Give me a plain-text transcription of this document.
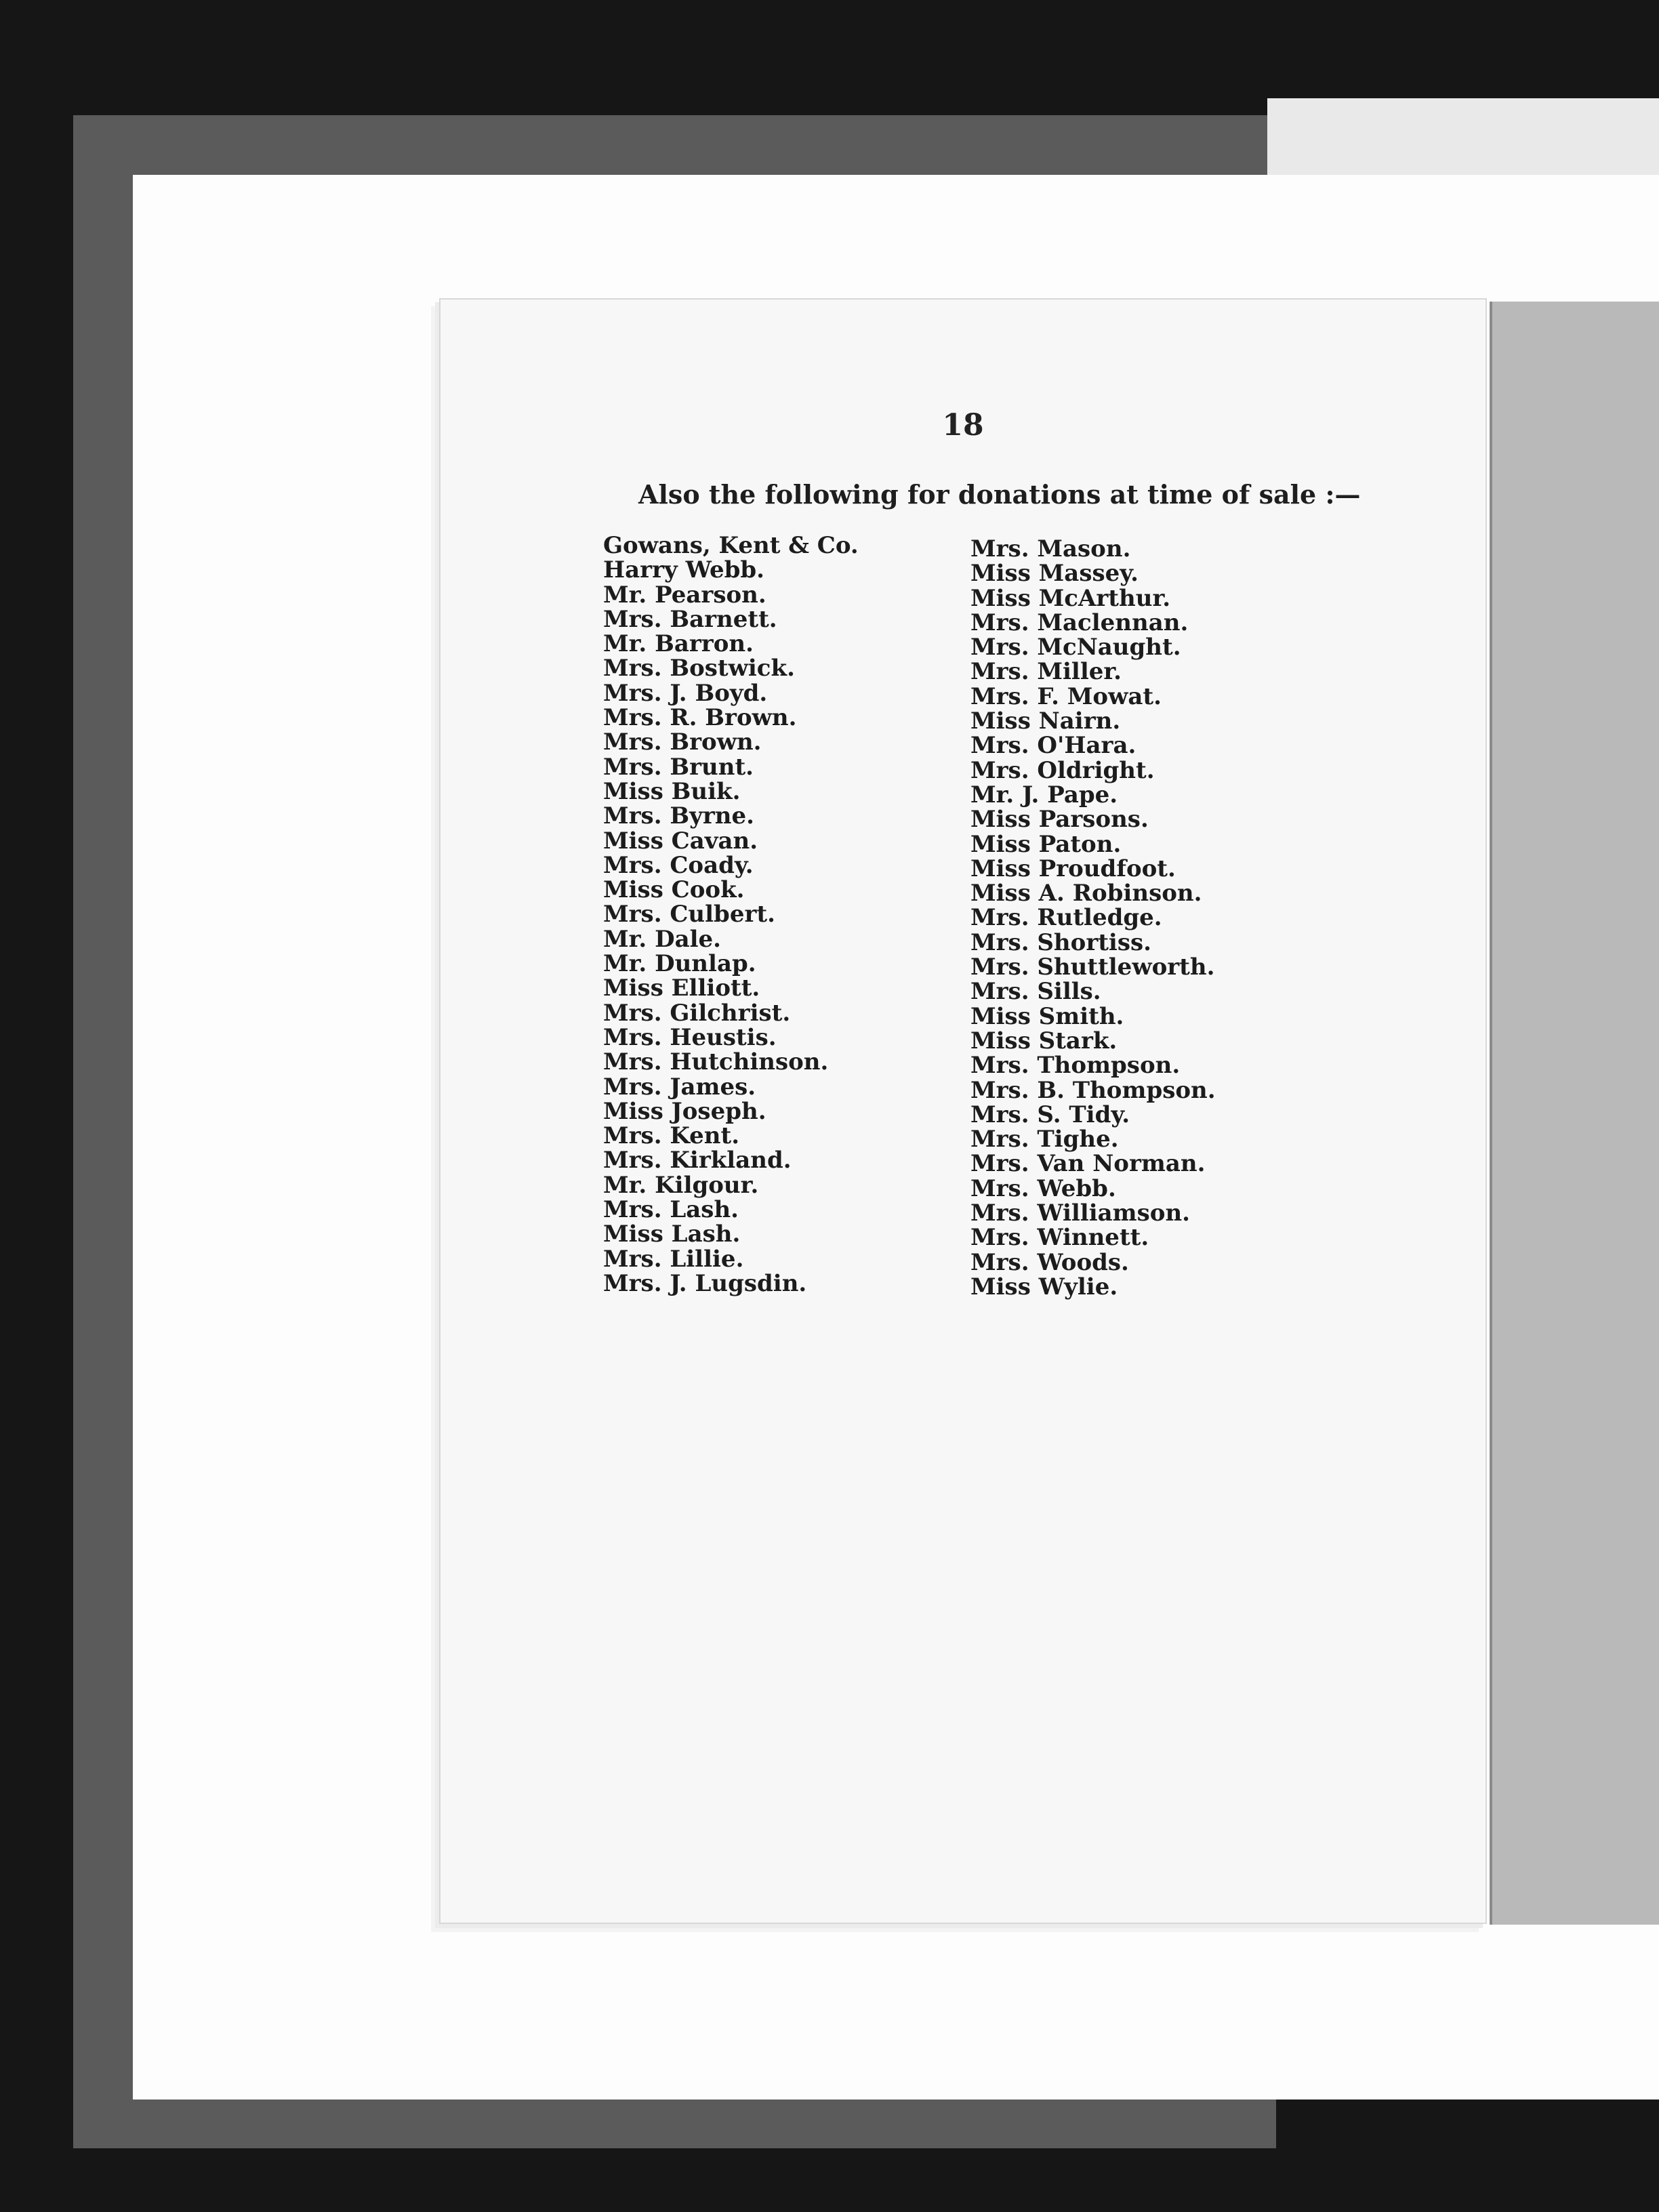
18
Also the following for donations at time of sale :—
Gowans, Kent & Co.
Harry Webb.
Mr. Pearson.
Mrs. Barnett.
Mr. Barron.
Mrs. Bostwick.
Mrs. J. Boyd.
Mrs. R. Brown.
Mrs. Brown.
Mrs. Brunt.
Miss Buik.
Mrs. Byrne.
Miss Cavan.
Mrs. Coady.
Miss Cook.
Mrs. Culbert.
Mr. Dale.
Mr. Dunlap.
Miss Elliott.
Mrs. Gilchrist.
Mrs. Heustis.
Mrs. Hutchinson.
Mrs. James.
Miss Joseph.
Mrs. Kent.
Mrs. Kirkland.
Mr. Kilgour.
Mrs. Lash.
Miss Lash.
Mrs. Lillie.
Mrs. J. Lugsdin.
Mrs. Mason.
Miss Massey.
Miss McArthur.
Mrs. Maclennan.
Mrs. McNaught.
Mrs. Miller.
Mrs. F. Mowat.
Miss Nairn.
Mrs. O'Hara.
Mrs. Oldright.
Mr. J. Pape.
Miss Parsons.
Miss Paton.
Miss Proudfoot.
Miss A. Robinson.
Mrs. Rutledge.
Mrs. Shortiss.
Mrs. Shuttleworth.
Mrs. Sills.
Miss Smith.
Miss Stark.
Mrs. Thompson.
Mrs. B. Thompson.
Mrs. S. Tidy.
Mrs. Tighe.
Mrs. Van Norman.
Mrs. Webb.
Mrs. Williamson.
Mrs. Winnett.
Mrs. Woods.
Miss Wylie.
